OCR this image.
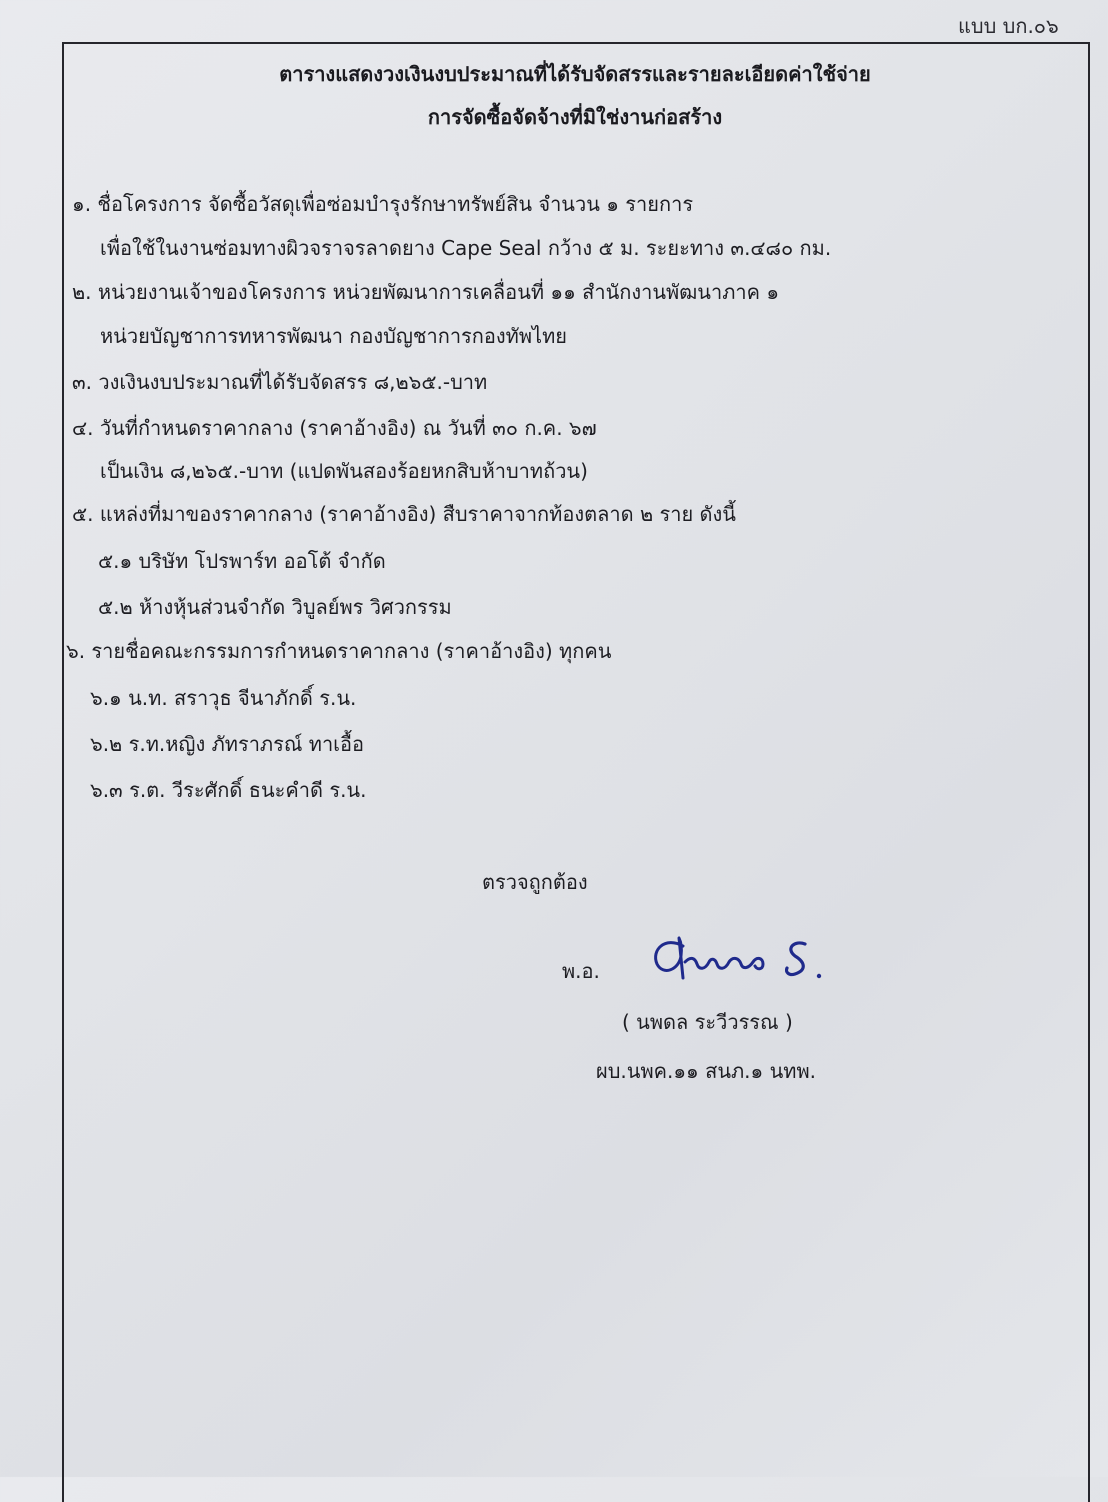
แบบ บก.๐๖
ตารางแสดงวงเงินงบประมาณที่ได้รับจัดสรรและรายละเอียดค่าใช้จ่าย
การจัดซื้อจัดจ้างที่มิใช่งานก่อสร้าง
๑. ชื่อโครงการ จัดซื้อวัสดุเพื่อซ่อมบำรุงรักษาทรัพย์สิน จำนวน ๑ รายการ
เพื่อใช้ในงานซ่อมทางผิวจราจรลาดยาง Cape Seal กว้าง ๕ ม. ระยะทาง ๓.๔๘๐ กม.
๒. หน่วยงานเจ้าของโครงการ หน่วยพัฒนาการเคลื่อนที่ ๑๑ สำนักงานพัฒนาภาค ๑
หน่วยบัญชาการทหารพัฒนา กองบัญชาการกองทัพไทย
๓. วงเงินงบประมาณที่ได้รับจัดสรร ๘,๒๖๕.-บาท
๔. วันที่กำหนดราคากลาง (ราคาอ้างอิง) ณ วันที่ ๓๐ ก.ค. ๖๗
เป็นเงิน ๘,๒๖๕.-บาท (แปดพันสองร้อยหกสิบห้าบาทถ้วน)
๕. แหล่งที่มาของราคากลาง (ราคาอ้างอิง) สืบราคาจากท้องตลาด ๒ ราย ดังนี้
๕.๑ บริษัท โปรพาร์ท ออโต้ จำกัด
๕.๒ ห้างหุ้นส่วนจำกัด วิบูลย์พร วิศวกรรม
๖. รายชื่อคณะกรรมการกำหนดราคากลาง (ราคาอ้างอิง) ทุกคน
๖.๑ น.ท. สราวุธ จีนาภักดิ์ ร.น.
๖.๒ ร.ท.หญิง ภัทราภรณ์ ทาเอื้อ
๖.๓ ร.ต. วีระศักดิ์ ธนะคำดี ร.น.
ตรวจถูกต้อง
พ.อ.
( นพดล ระวีวรรณ )
ผบ.นพค.๑๑ สนภ.๑ นทพ.
